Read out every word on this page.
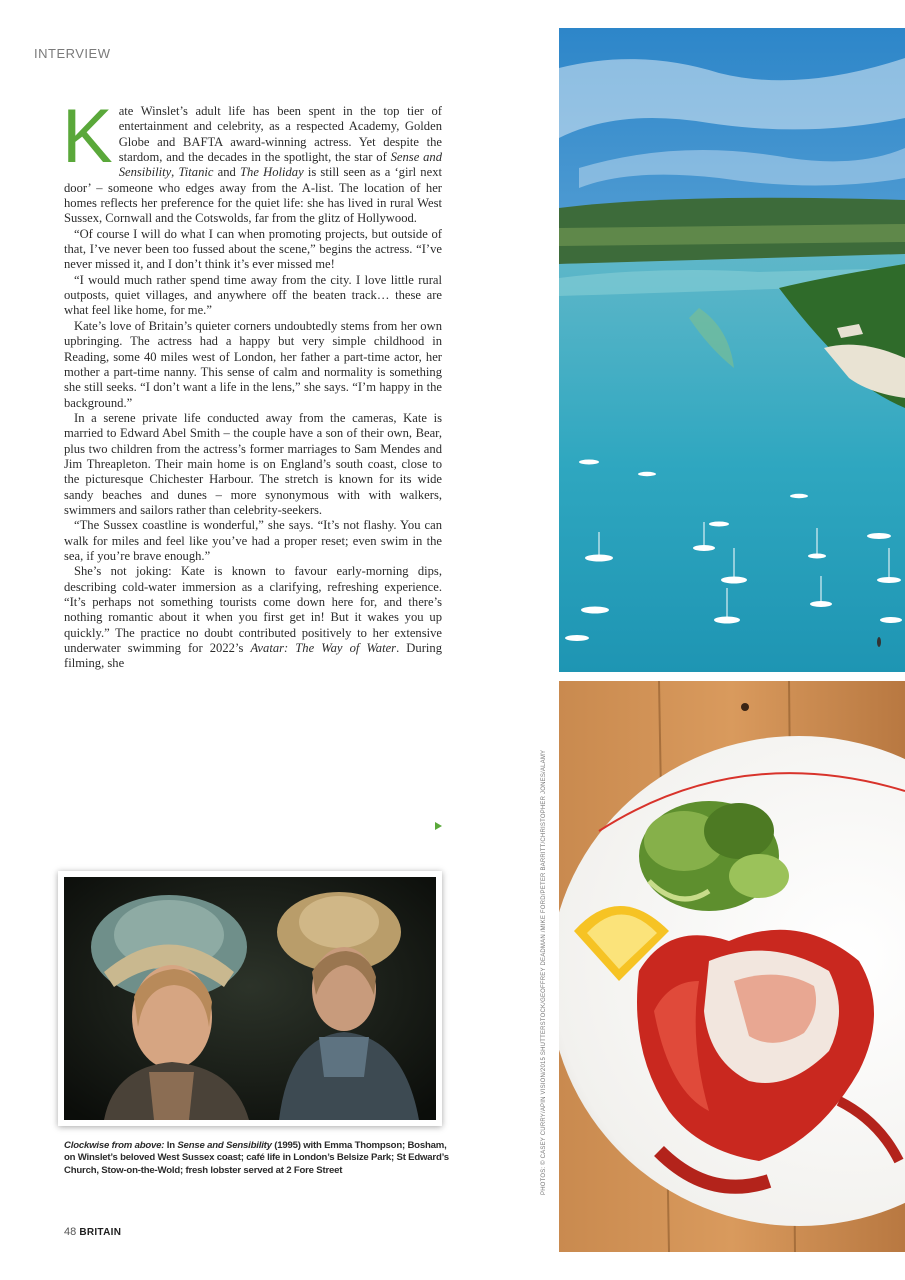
INTERVIEW

Kate Winslet’s adult life has been spent in the top tier of entertainment and celebrity, as a respected Academy, Golden Globe and BAFTA award-winning actress. Yet despite the stardom, and the decades in the spotlight, the star of Sense and Sensibility, Titanic and The Holiday is still seen as a ‘girl next door’ – someone who edges away from the A-list. The location of her homes reflects her preference for the quiet life: she has lived in rural West Sussex, Cornwall and the Cotswolds, far from the glitz of Hollywood.

“Of course I will do what I can when promoting projects, but outside of that, I’ve never been too fussed about the scene,” begins the actress. “I’ve never missed it, and I don’t think it’s ever missed me!

“I would much rather spend time away from the city. I love little rural outposts, quiet villages, and anywhere off the beaten track… these are what feel like home, for me.”

Kate’s love of Britain’s quieter corners undoubtedly stems from her own upbringing. The actress had a happy but very simple childhood in Reading, some 40 miles west of London, her father a part-time actor, her mother a part-time nanny. This sense of calm and normality is something she still seeks. “I don’t want a life in the lens,” she says. “I’m happy in the background.”

In a serene private life conducted away from the cameras, Kate is married to Edward Abel Smith – the couple have a son of their own, Bear, plus two children from the actress’s former marriages to Sam Mendes and Jim Threapleton. Their main home is on England’s south coast, close to the picturesque Chichester Harbour. The stretch is known for its wide sandy beaches and dunes – more synonymous with with walkers, swimmers and sailors rather than celebrity-seekers.

“The Sussex coastline is wonderful,” she says. “It’s not flashy. You can walk for miles and feel like you’ve had a proper reset; even swim in the sea, if you’re brave enough.”

She’s not joking: Kate is known to favour early-morning dips, describing cold-water immersion as a clarifying, refreshing experience. “It’s perhaps not something tourists come down here for, and there’s nothing romantic about it when you first get in! But it wakes you up quickly.” The practice no doubt contributed positively to her extensive underwater swimming for 2022’s Avatar: The Way of Water. During filming, she

Clockwise from above: In Sense and Sensibility (1995) with Emma Thompson; Bosham, on Winslet’s beloved West Sussex coast; café life in London’s Belsize Park; St Edward’s Church, Stow-on-the-Wold; fresh lobster served at 2 Fore Street
48 BRITAIN
PHOTOS: © CASEY CURRY/APIN VISION/2015 SHUTTERSTOCK/GEOFFREY DEADMAN /MIKE FORD/PETER BARRITT/CHRISTOPHER JONES/ALAMY
